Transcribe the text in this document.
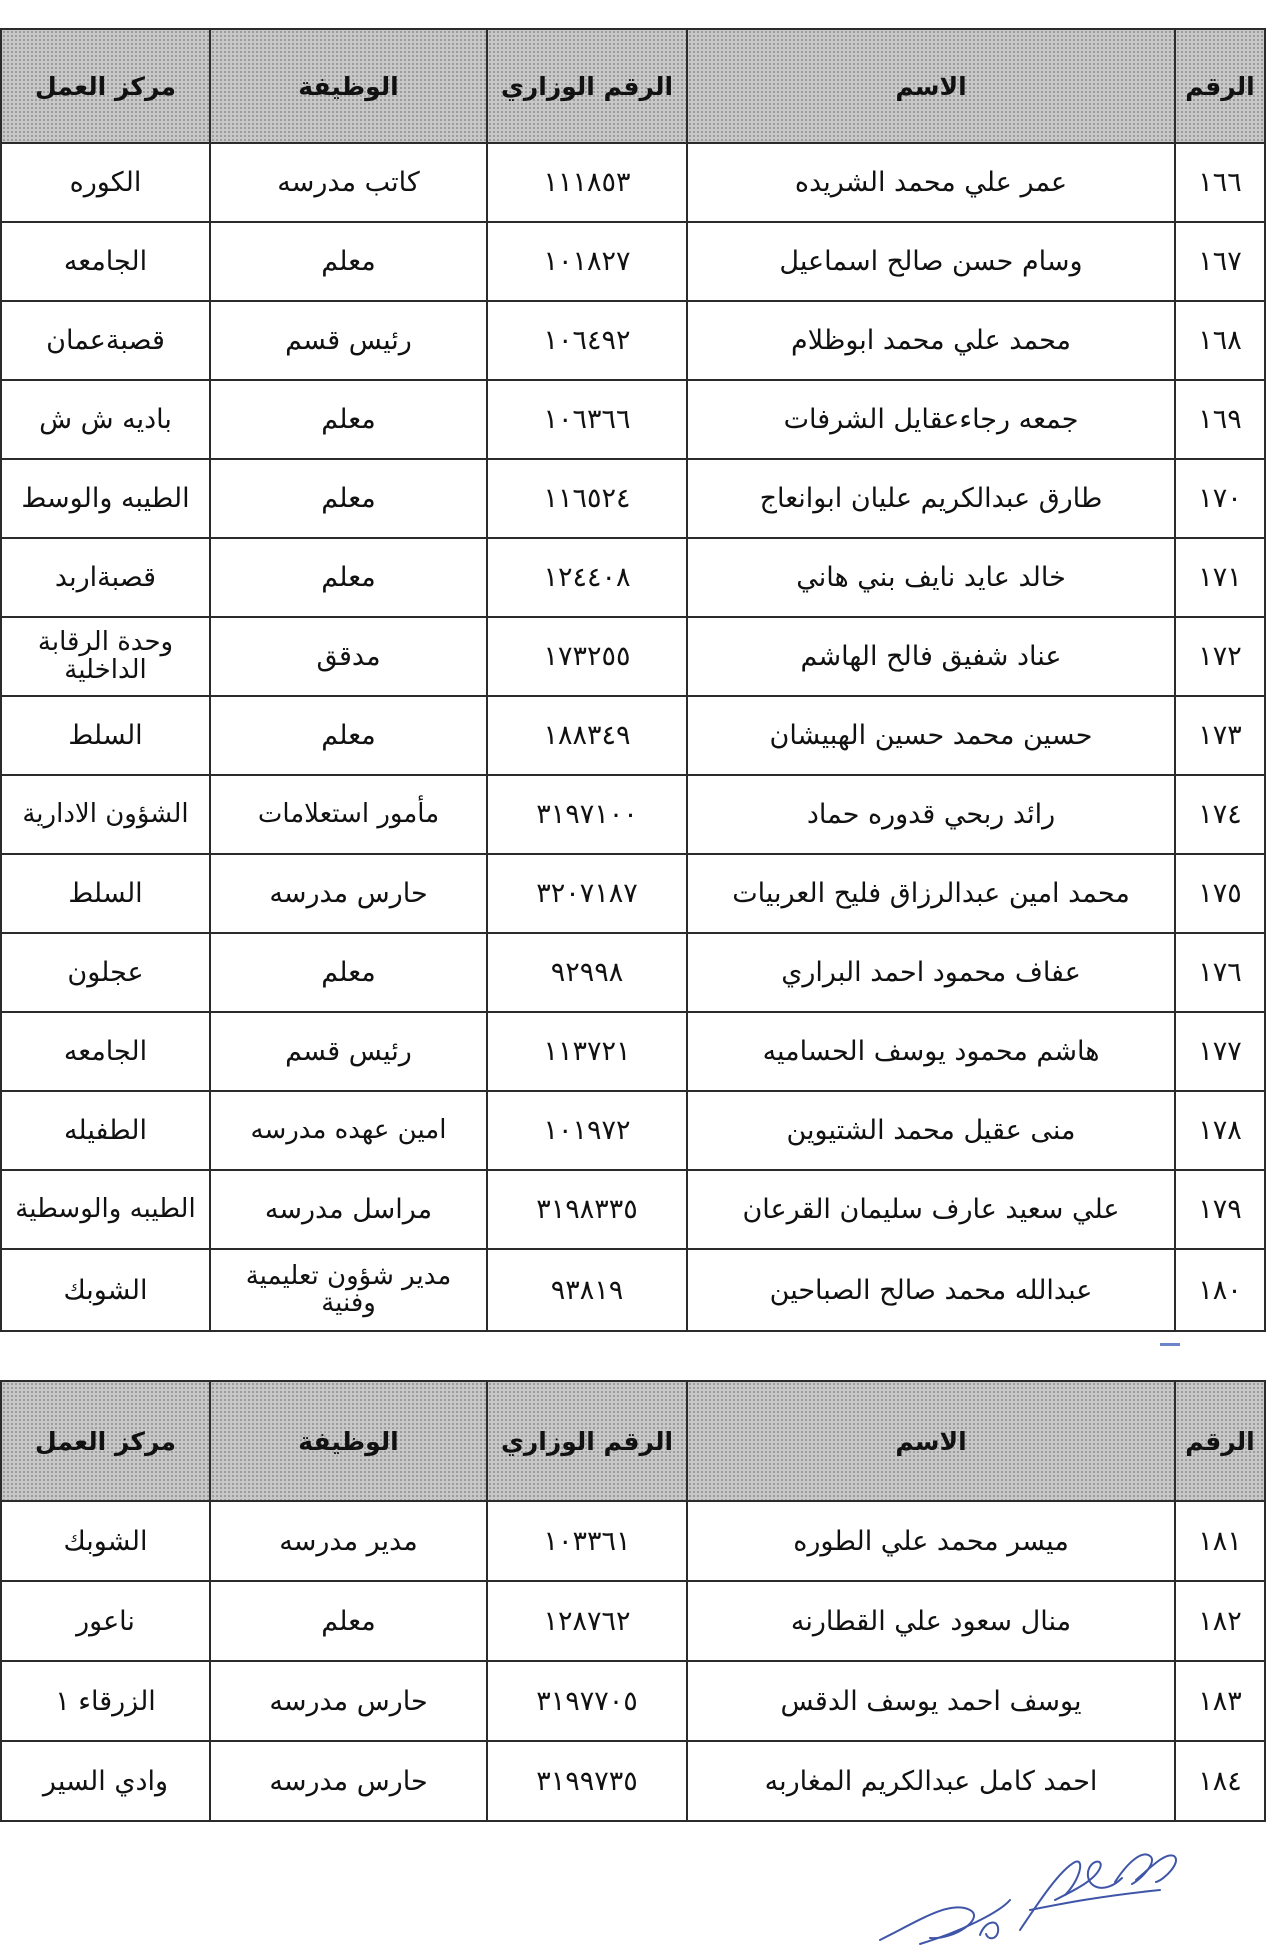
الرقم	الاسم	الرقم الوزاري	الوظيفة	مركز العمل
١٦٦	عمر علي محمد الشريده	١١١٨٥٣	كاتب مدرسه	الكوره
١٦٧	وسام حسن صالح اسماعيل	١٠١٨٢٧	معلم	الجامعه
١٦٨	محمد علي محمد ابوظلام	١٠٦٤٩٢	رئيس قسم	قصبةعمان
١٦٩	جمعه رجاءعقايل الشرفات	١٠٦٣٦٦	معلم	باديه ش ش
١٧٠	طارق عبدالكريم عليان ابوانعاج	١١٦٥٢٤	معلم	الطيبه والوسط
١٧١	خالد عايد نايف بني هاني	١٢٤٤٠٨	معلم	قصبةاربد
١٧٢	عناد شفيق فالح الهاشم	١٧٣٢٥٥	مدقق	وحدة الرقابة الداخلية
١٧٣	حسين محمد حسين الهبيشان	١٨٨٣٤٩	معلم	السلط
١٧٤	رائد ربحي قدوره حماد	٣١٩٧١٠٠	مأمور استعلامات	الشؤون الادارية
١٧٥	محمد امين عبدالرزاق فليح العربيات	٣٢٠٧١٨٧	حارس مدرسه	السلط
١٧٦	عفاف محمود احمد البراري	٩٢٩٩٨	معلم	عجلون
١٧٧	هاشم محمود يوسف الحساميه	١١٣٧٢١	رئيس قسم	الجامعه
١٧٨	منى عقيل محمد الشتيوين	١٠١٩٧٢	امين عهده مدرسه	الطفيله
١٧٩	علي سعيد عارف سليمان القرعان	٣١٩٨٣٣٥	مراسل مدرسه	الطيبه والوسطية
١٨٠	عبدالله محمد صالح الصباحين	٩٣٨١٩	مدير شؤون تعليمية وفنية	الشوبك
الرقم	الاسم	الرقم الوزاري	الوظيفة	مركز العمل
١٨١	ميسر محمد علي الطوره	١٠٣٣٦١	مدير مدرسه	الشوبك
١٨٢	منال سعود علي القطارنه	١٢٨٧٦٢	معلم	ناعور
١٨٣	يوسف احمد يوسف الدقس	٣١٩٧٧٠٥	حارس مدرسه	الزرقاء ١
١٨٤	احمد كامل عبدالكريم المغاربه	٣١٩٩٧٣٥	حارس مدرسه	وادي السير
